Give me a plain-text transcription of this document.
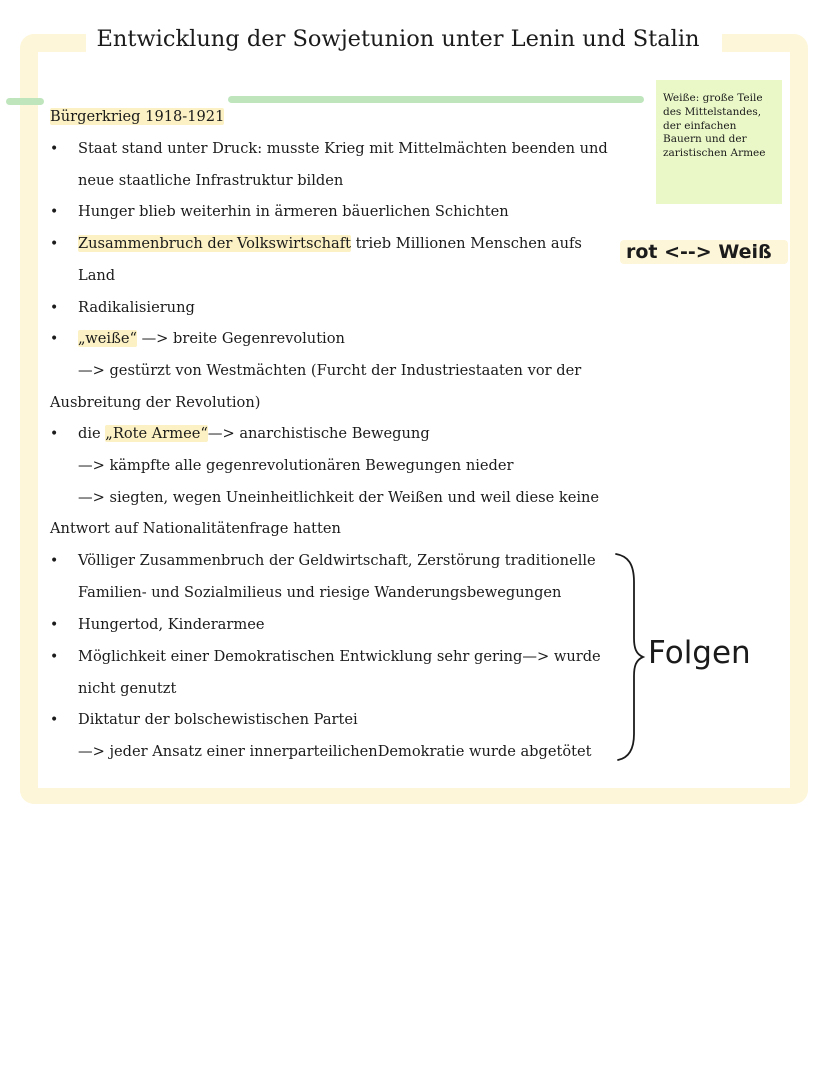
Entwicklung der Sowjetunion unter Lenin und Stalin
Weiße: große Teile des Mittelstandes, der einfachen Bauern und der zaristischen Armee
rot <--> Weiß
Bürgerkrieg 1918-1921
• Staat stand unter Druck: musste Krieg mit Mittelmächten beenden und
neue staatliche Infrastruktur bilden
• Hunger blieb weiterhin in ärmeren bäuerlichen Schichten
• Zusammenbruch der Volkswirtschaft trieb Millionen Menschen aufs
Land
• Radikalisierung
• „weiße“ —> breite Gegenrevolution
—> gestürzt von Westmächten (Furcht der Industriestaaten vor der
Ausbreitung der Revolution)
• die „Rote Armee“—> anarchistische Bewegung
—> kämpfte alle gegenrevolutionären Bewegungen nieder
—> siegten, wegen Uneinheitlichkeit der Weißen und weil diese keine
Antwort auf Nationalitätenfrage hatten
• Völliger Zusammenbruch der Geldwirtschaft, Zerstörung traditionelle
Familien- und Sozialmilieus und riesige Wanderungsbewegungen
• Hungertod, Kinderarmee
• Möglichkeit einer Demokratischen Entwicklung sehr gering—> wurde
nicht genutzt
• Diktatur der bolschewistischen Partei
—> jeder Ansatz einer innerparteilichenDemokratie wurde abgetötet
Folgen
